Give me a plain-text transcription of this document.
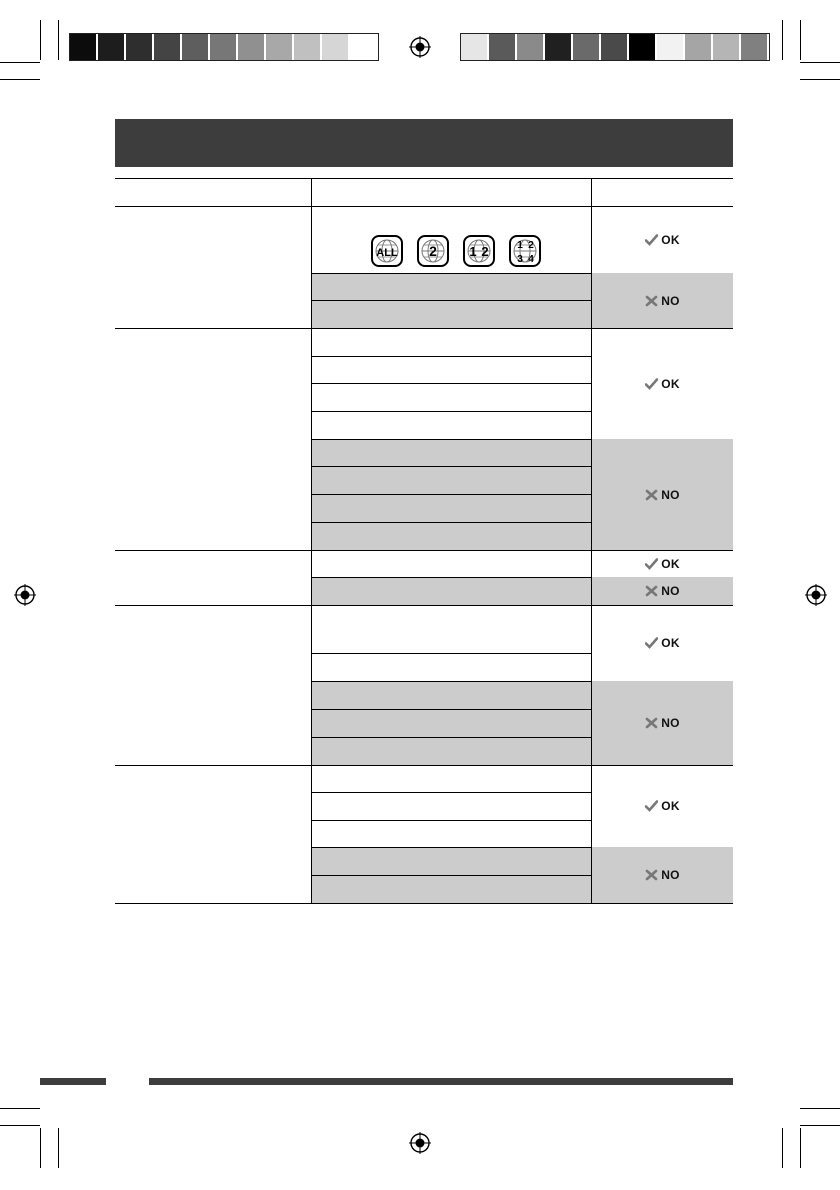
ALL 2 1 2	1 2
3 4
OK
NO
OK
NO
OK
NO
OK
NO
OK
NO
